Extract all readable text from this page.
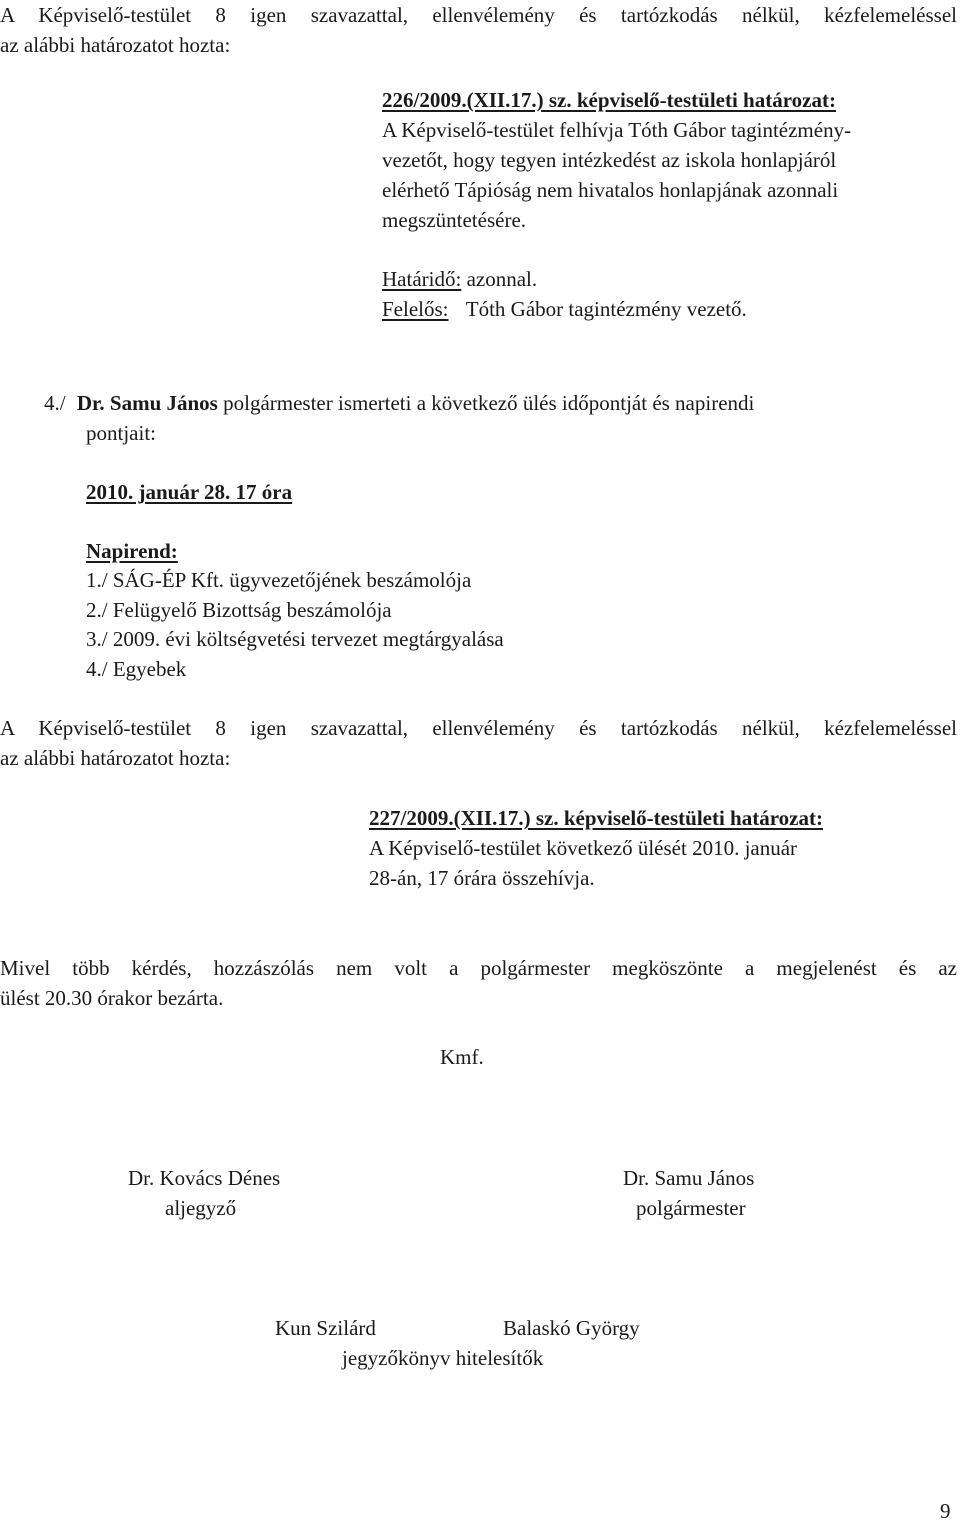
A Képviselő-testület 8 igen szavazattal, ellenvélemény és tartózkodás nélkül, kézfelemeléssel
az alábbi határozatot hozta:
226/2009.(XII.17.) sz. képviselő-testületi határozat:
A Képviselő-testület felhívja Tóth Gábor tagintézmény-
vezetőt, hogy tegyen intézkedést az iskola honlapjáról
elérhető Tápióság nem hivatalos honlapjának azonnali
megszüntetésére.
Határidő: azonnal.
Felelős: Tóth Gábor tagintézmény vezető.
4./ Dr. Samu János polgármester ismerteti a következő ülés időpontját és napirendi
pontjait:
2010. január 28. 17 óra
Napirend:
1./ SÁG-ÉP Kft. ügyvezetőjének beszámolója
2./ Felügyelő Bizottság beszámolója
3./ 2009. évi költségvetési tervezet megtárgyalása
4./ Egyebek
A Képviselő-testület 8 igen szavazattal, ellenvélemény és tartózkodás nélkül, kézfelemeléssel
az alábbi határozatot hozta:
227/2009.(XII.17.) sz. képviselő-testületi határozat:
A Képviselő-testület következő ülését 2010. január
28-án, 17 órára összehívja.
Mivel több kérdés, hozzászólás nem volt a polgármester megköszönte a megjelenést és az
ülést 20.30 órakor bezárta.
Kmf.
Dr. Kovács Dénes
aljegyző
Dr. Samu János
polgármester
Kun Szilárd	Balaskó György
jegyzőkönyv hitelesítők
9
